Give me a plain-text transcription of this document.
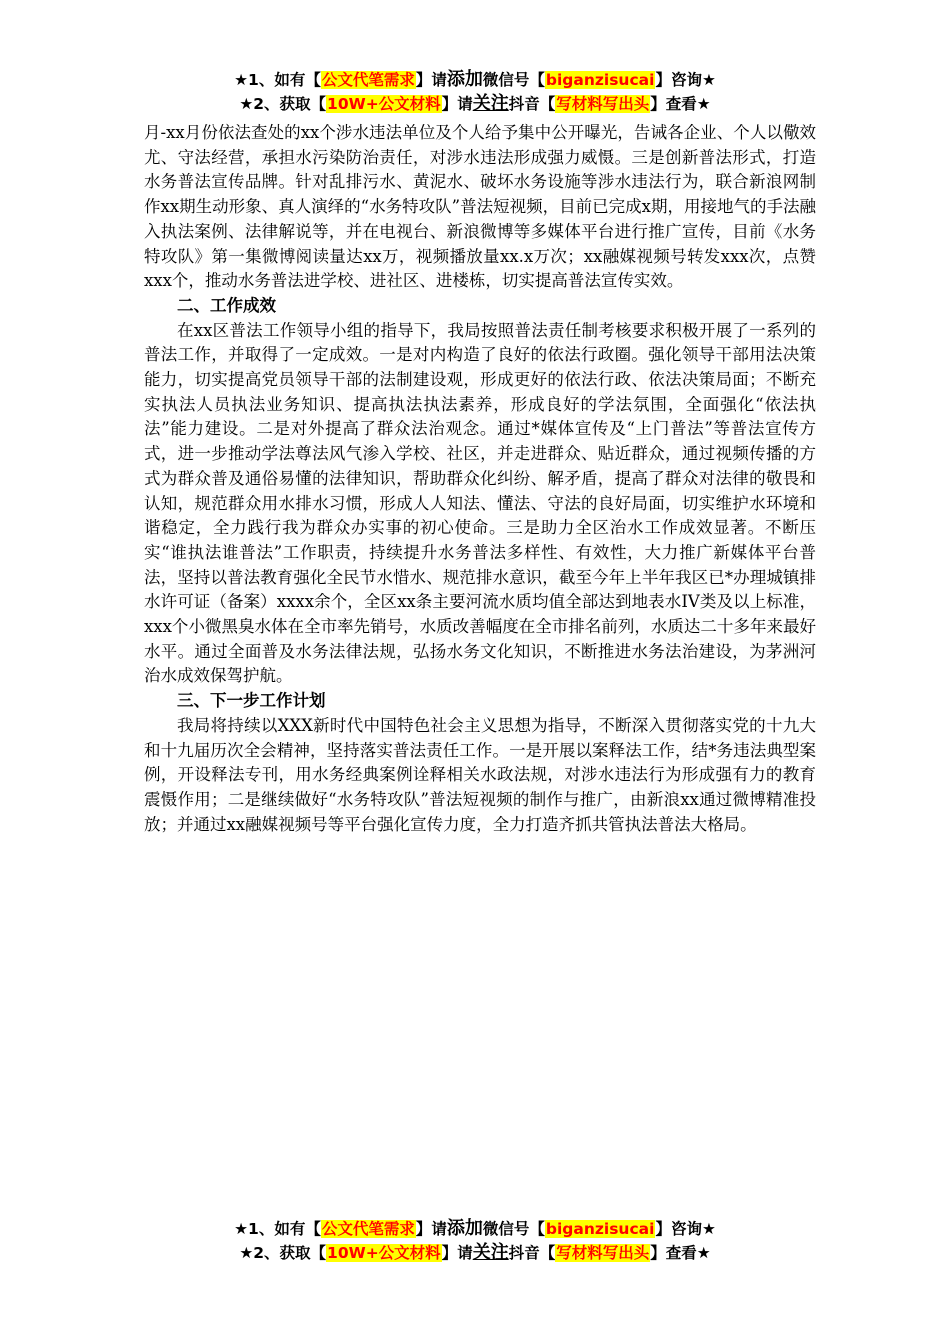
★1、如有【公文代笔需求】请添加微信号【biganzisucai】咨询★
★2、获取【10W+公文材料】请关注抖音【写材料写出头】查看★

月-xx月份依法查处的xx个涉水违法单位及个人给予集中公开曝光，告诫各企业、个人以儆效尤、守法经营，承担水污染防治责任，对涉水违法形成强力威慑。三是创新普法形式，打造水务普法宣传品牌。针对乱排污水、黄泥水、破坏水务设施等涉水违法行为，联合新浪网制作xx期生动形象、真人演绎的“水务特攻队”普法短视频，目前已完成x期，用接地气的手法融入执法案例、法律解说等，并在电视台、新浪微博等多媒体平台进行推广宣传，目前《水务特攻队》第一集微博阅读量达xx万，视频播放量xx.x万次；xx融媒视频号转发xxx次，点赞xxx个，推动水务普法进学校、进社区、进楼栋，切实提高普法宣传实效。

二、工作成效

在xx区普法工作领导小组的指导下，我局按照普法责任制考核要求积极开展了一系列的普法工作，并取得了一定成效。一是对内构造了良好的依法行政圈。强化领导干部用法决策能力，切实提高党员领导干部的法制建设观，形成更好的依法行政、依法决策局面；不断充实执法人员执法业务知识、提高执法执法素养，形成良好的学法氛围，全面强化“依法执法”能力建设。二是对外提高了群众法治观念。通过*媒体宣传及“上门普法”等普法宣传方式，进一步推动学法尊法风气渗入学校、社区，并走进群众、贴近群众，通过视频传播的方式为群众普及通俗易懂的法律知识，帮助群众化纠纷、解矛盾，提高了群众对法律的敬畏和认知，规范群众用水排水习惯，形成人人知法、懂法、守法的良好局面，切实维护水环境和谐稳定，全力践行我为群众办实事的初心使命。三是助力全区治水工作成效显著。不断压实“谁执法谁普法”工作职责，持续提升水务普法多样性、有效性，大力推广新媒体平台普法，坚持以普法教育强化全民节水惜水、规范排水意识，截至今年上半年我区已*办理城镇排水许可证（备案）xxxx余个，全区xx条主要河流水质均值全部达到地表水IV类及以上标准，xxx个小微黑臭水体在全市率先销号，水质改善幅度在全市排名前列，水质达二十多年来最好水平。通过全面普及水务法律法规，弘扬水务文化知识，不断推进水务法治建设，为茅洲河治水成效保驾护航。

三、下一步工作计划

我局将持续以XXX新时代中国特色社会主义思想为指导，不断深入贯彻落实党的十九大和十九届历次全会精神，坚持落实普法责任工作。一是开展以案释法工作，结*务违法典型案例，开设释法专刊，用水务经典案例诠释相关水政法规，对涉水违法行为形成强有力的教育震慑作用；二是继续做好“水务特攻队”普法短视频的制作与推广，由新浪xx通过微博精准投放；并通过xx融媒视频号等平台强化宣传力度，全力打造齐抓共管执法普法大格局。

★1、如有【公文代笔需求】请添加微信号【biganzisucai】咨询★
★2、获取【10W+公文材料】请关注抖音【写材料写出头】查看★
